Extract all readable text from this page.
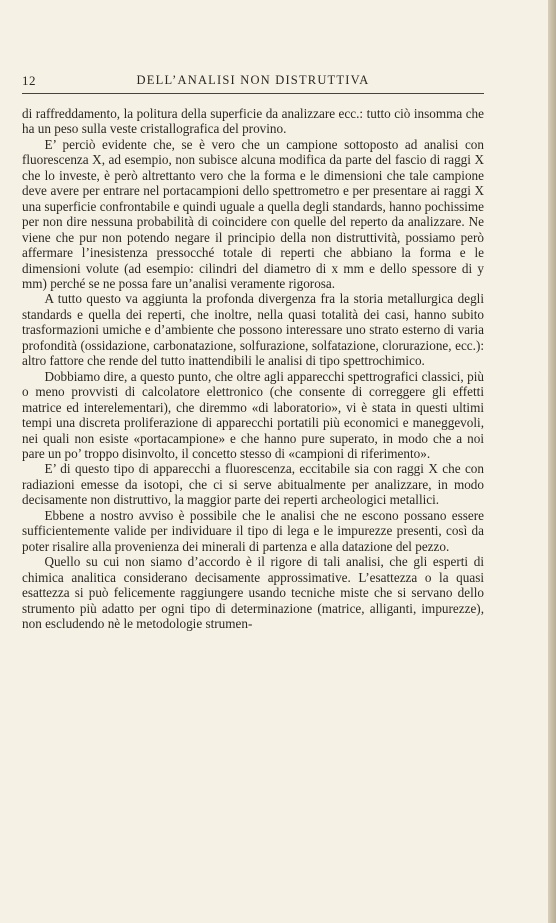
12	DELL’ANALISI NON DISTRUTTIVA

di raffreddamento, la politura della superficie da analizzare ecc.: tutto ciò insomma che ha un peso sulla veste cristallografica del provino.

E’ perciò evidente che, se è vero che un campione sottoposto ad analisi con fluorescenza X, ad esempio, non subisce alcuna modifica da parte del fascio di raggi X che lo investe, è però altrettanto vero che la forma e le dimensioni che tale campione deve avere per entrare nel portacampioni dello spettrometro e per presentare ai raggi X una superficie confrontabile e quindi uguale a quella degli standards, hanno pochissime per non dire nessuna probabilità di coincidere con quelle del reperto da analizzare. Ne viene che pur non potendo negare il principio della non distruttività, possiamo però affermare l’inesistenza pressocché totale di reperti che abbiano la forma e le dimensioni volute (ad esempio: cilindri del diametro di x mm e dello spessore di y mm) perché se ne possa fare un’analisi veramente rigorosa.

A tutto questo va aggiunta la profonda divergenza fra la storia metallurgica degli standards e quella dei reperti, che inoltre, nella quasi totalità dei casi, hanno subito trasformazioni umiche e d’ambiente che possono interessare uno strato esterno di varia profondità (ossidazione, carbonatazione, solfurazione, solfatazione, clorurazione, ecc.): altro fattore che rende del tutto inattendibili le analisi di tipo spettrochimico.

Dobbiamo dire, a questo punto, che oltre agli apparecchi spettrografici classici, più o meno provvisti di calcolatore elettronico (che consente di correggere gli effetti matrice ed interelementari), che diremmo «di laboratorio», vi è stata in questi ultimi tempi una discreta proliferazione di apparecchi portatili più economici e maneggevoli, nei quali non esiste «portacampione» e che hanno pure superato, in modo che a noi pare un po’ troppo disinvolto, il concetto stesso di «campioni di riferimento».

E’ di questo tipo di apparecchi a fluorescenza, eccitabile sia con raggi X che con radiazioni emesse da isotopi, che ci si serve abitualmente per analizzare, in modo decisamente non distruttivo, la maggior parte dei reperti archeologici metallici.

Ebbene a nostro avviso è possibile che le analisi che ne escono possano essere sufficientemente valide per individuare il tipo di lega e le impurezze presenti, così da poter risalire alla provenienza dei minerali di partenza e alla datazione del pezzo.

Quello su cui non siamo d’accordo è il rigore di tali analisi, che gli esperti di chimica analitica considerano decisamente approssimative. L’esattezza o la quasi esattezza si può felicemente raggiungere usando tecniche miste che si servano dello strumento più adatto per ogni tipo di determinazione (matrice, alliganti, impurezze), non escludendo nè le metodologie strumen-
